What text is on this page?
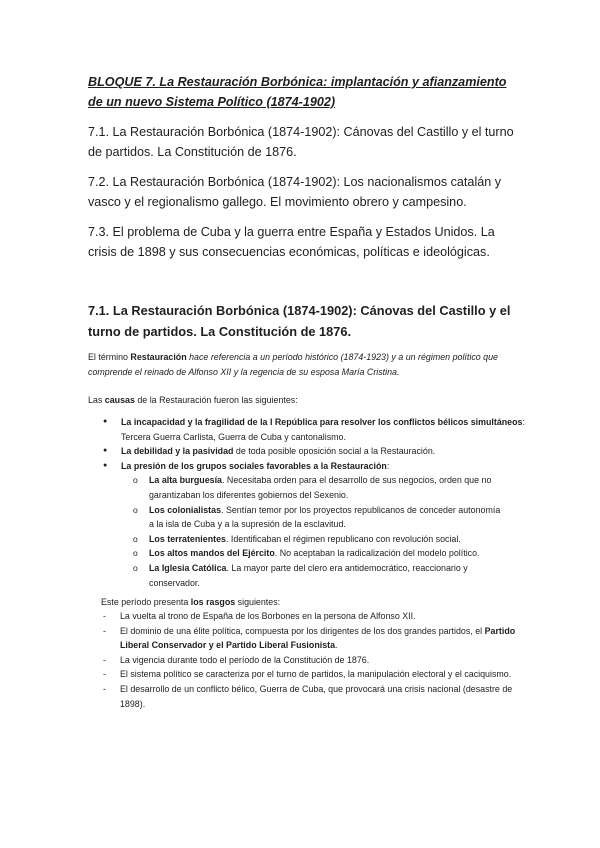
BLOQUE 7. La Restauración Borbónica: implantación y afianzamiento de un nuevo Sistema Político (1874-1902)

7.1. La Restauración Borbónica (1874-1902): Cánovas del Castillo y el turno de partidos. La Constitución de 1876.

7.2. La Restauración Borbónica (1874-1902): Los nacionalismos catalán y vasco y el regionalismo gallego. El movimiento obrero y campesino.

7.3. El problema de Cuba y la guerra entre España y Estados Unidos. La crisis de 1898 y sus consecuencias económicas, políticas e ideológicas.

7.1. La Restauración Borbónica (1874-1902): Cánovas del Castillo y el turno de partidos. La Constitución de 1876.

El término Restauración hace referencia a un período histórico (1874-1923) y a un régimen político que comprende el reinado de Alfonso XII y la regencia de su esposa María Cristina.

Las causas de la Restauración fueron las siguientes:

● La incapacidad y la fragilidad de la I República para resolver los conflictos bélicos simultáneos: Tercera Guerra Carlista, Guerra de Cuba y cantonalismo.
● La debilidad y la pasividad de toda posible oposición social a la Restauración.
● La presión de los grupos sociales favorables a la Restauración:
o La alta burguesía. Necesitaba orden para el desarrollo de sus negocios, orden que no garantizaban los diferentes gobiernos del Sexenio.
o Los colonialistas. Sentían temor por los proyectos republicanos de conceder autonomía a la isla de Cuba y a la supresión de la esclavitud.
o Los terratenientes. Identificaban el régimen republicano con revolución social.
o Los altos mandos del Ejército. No aceptaban la radicalización del modelo político.
o La Iglesia Católica. La mayor parte del clero era antidemocrático, reaccionario y conservador.

Este período presenta los rasgos siguientes:

- La vuelta al trono de España de los Borbones en la persona de Alfonso XII.
- El dominio de una élite política, compuesta por los dirigentes de los dos grandes partidos, el Partido Liberal Conservador y el Partido Liberal Fusionista.
- La vigencia durante todo el período de la Constitución de 1876.
- El sistema político se caracteriza por el turno de partidos, la manipulación electoral y el caciquismo.
- El desarrollo de un conflicto bélico, Guerra de Cuba, que provocará una crisis nacional (desastre de 1898).
